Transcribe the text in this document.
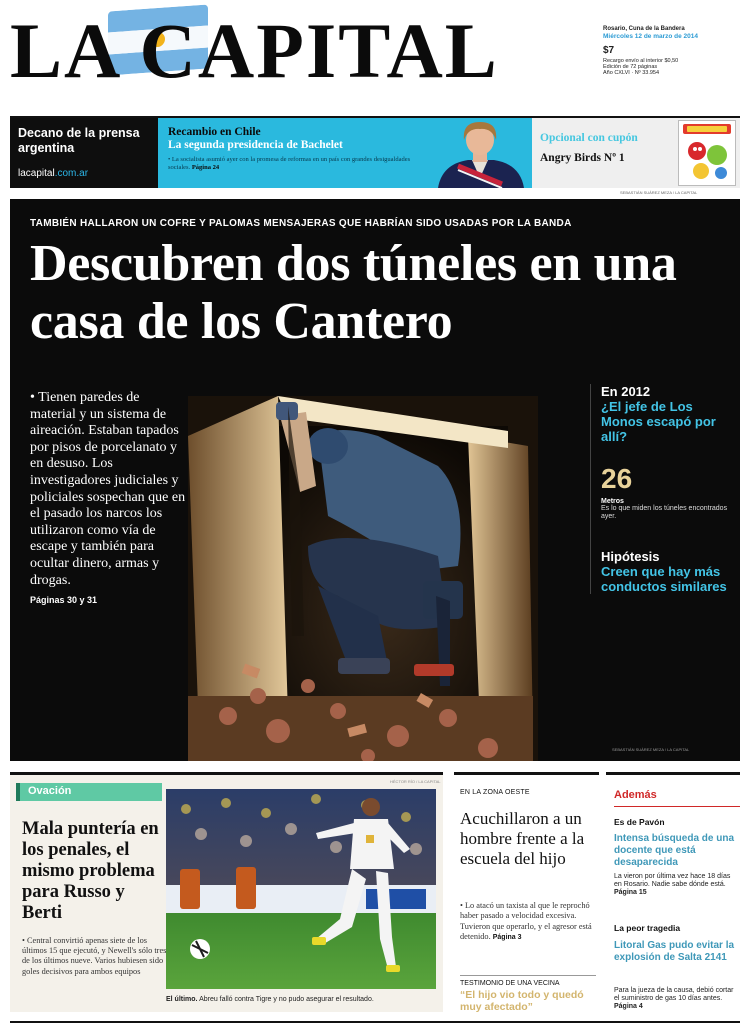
LA CAPITAL	Rosario, Cuna de la Bandera
Miércoles 12 de marzo de 2014
$7
Recargo envío al interior $0,50
Edición de 72 páginas
Año CXLVI · Nº 33.954
Decano de la prensa argentina
lacapital.com.ar
Recambio en Chile
La segunda presidencia de Bachelet
• La socialista asumió ayer con la promesa de reformas en un país con grandes desigualdades sociales. Página 24
Opcional con cupón
Angry Birds Nº 1
SEBASTIÁN SUÁREZ MEZA / LA CAPITAL
TAMBIÉN HALLARON UN COFRE Y PALOMAS MENSAJERAS QUE HABRÍAN SIDO USADAS POR LA BANDA
Descubren dos túneles en una casa de los Cantero
• Tienen paredes de material y un sistema de aireación. Estaban tapados por pisos de porcelanato y en desuso. Los investigadores judiciales y policiales sospechan que en el pasado los narcos los utilizaron como vía de escape y también para ocultar dinero, armas y drogas.
Páginas 30 y 31
En 2012
¿El jefe de Los Monos escapó por allí?
26
Metros
Es lo que miden los túneles encontrados ayer.
Hipótesis
Creen que hay más conductos similares
SEBASTIÁN SUÁREZ MEZA / LA CAPITAL
Ovación
Mala puntería en los penales, el mismo problema para Russo y Berti
• Central convirtió apenas siete de los últimos 15 que ejecutó, y Newell's sólo tres de los últimos nueve. Varios hubiesen sido goles decisivos para ambos equipos
HÉCTOR RÍO / LA CAPITAL
El último. Abreu falló contra Tigre y no pudo asegurar el resultado.
EN LA ZONA OESTE
Acuchillaron a un hombre frente a la escuela del hijo
• Lo atacó un taxista al que le reprochó haber pasado a velocidad excesiva. Tuvieron que operarlo, y el agresor está detenido. Página 3
TESTIMONIO DE UNA VECINA
“El hijo vio todo y quedó muy afectado”
Además
Es de Pavón
Intensa búsqueda de una docente que está desaparecida
La vieron por última vez hace 18 días en Rosario. Nadie sabe dónde está. Página 15
La peor tragedia
Litoral Gas pudo evitar la explosión de Salta 2141
Para la jueza de la causa, debió cortar el suministro de gas 10 días antes. Página 4
